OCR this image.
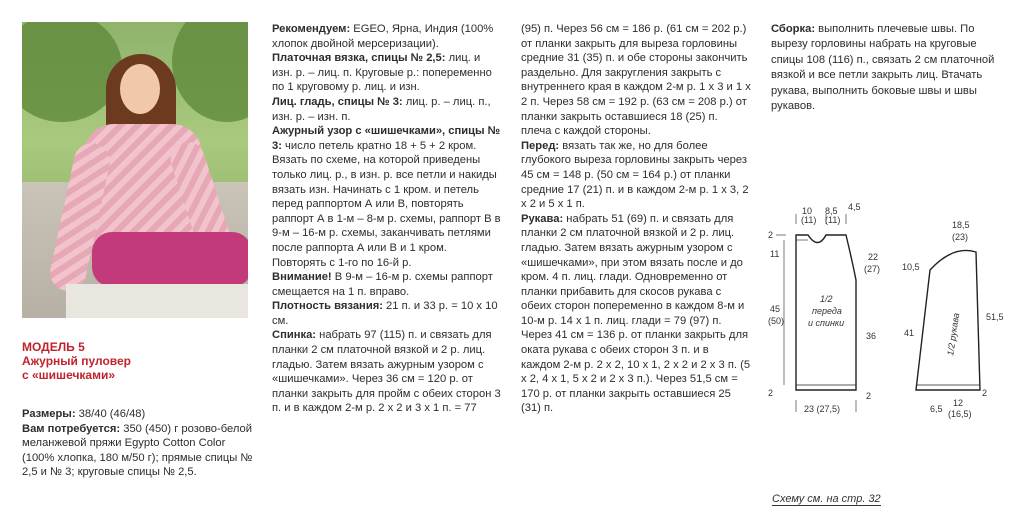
МОДЕЛЬ 5
Ажурный пуловер
с «шишечками»

Размеры: 38/40 (46/48)

Вам потребуется: 350 (450) г розово-белой меланжевой пряжи Egypto Cotton Color (100% хлопка, 180 м/50 г); прямые спицы № 2,5 и № 3; круговые спицы № 2,5.

Рекомендуем: EGEO, Ярна, Индия (100% хлопок двойной мерсеризации).

Платочная вязка, спицы № 2,5: лиц. и изн. р. – лиц. п. Круговые р.: попеременно по 1 круговому р. лиц. и изн.

Лиц. гладь, спицы № 3: лиц. р. – лиц. п., изн. р. – изн. п.

Ажурный узор с «шишечками», спицы № 3: число петель кратно 18 + 5 + 2 кром. Вязать по схеме, на которой приведены только лиц. р., в изн. р. все петли и накиды вязать изн. Начинать с 1 кром. и петель перед раппортом А или В, повторять раппорт А в 1-м – 8-м р. схемы, раппорт В в 9-м – 16-м р. схемы, заканчивать петлями после раппорта А или В и 1 кром. Повторять с 1-го по 16-й р.

Внимание! В 9-м – 16-м р. схемы раппорт смещается на 1 п. вправо.

Плотность вязания: 21 п. и 33 р. = 10 х 10 см.

Спинка: набрать 97 (115) п. и связать для планки 2 см платочной вязкой и 2 р. лиц. гладью. Затем вязать ажурным узором с «шишечками». Через 36 см = 120 р. от планки закрыть для пройм с обеих сторон 3 п. и в каждом 2-м р. 2 х 2 и 3 х 1 п. = 77

(95) п. Через 56 см = 186 р. (61 см = 202 р.) от планки закрыть для выреза горловины средние 31 (35) п. и обе стороны закончить раздельно. Для закругления закрыть с внутреннего края в каждом 2-м р. 1 х 3 и 1 х 2 п. Через 58 см = 192 р. (63 см = 208 р.) от планки закрыть оставшиеся 18 (25) п. плеча с каждой стороны.

Перед: вязать так же, но для более глубокого выреза горловины закрыть через 45 см = 148 р. (50 см = 164 р.) от планки средние 17 (21) п. и в каждом 2-м р. 1 х 3, 2 х 2 и 5 х 1 п.

Рукава: набрать 51 (69) п. и связать для планки 2 см платочной вязкой и 2 р. лиц. гладью. Затем вязать ажурным узором с «шишечками», при этом вязать после и до кром. 4 п. лиц. глади. Одновременно от планки прибавить для скосов рукава с обеих сторон попеременно в каждом 8-м и 10-м р. 14 х 1 п. лиц. глади = 79 (97) п. Через 41 см = 136 р. от планки закрыть для оката рукава с обеих сторон 3 п. и в каждом 2-м р. 2 х 2, 10 х 1, 2 х 2 и 2 х 3 п. (5 х 2, 4 х 1, 5 х 2 и 2 х 3 п.). Через 51,5 см = 170 р. от планки закрыть оставшиеся 25 (31) п.

Сборка: выполнить плечевые швы. По вырезу горловины набрать на круговые спицы 108 (116) п., связать 2 см платочной вязкой и все петли закрыть лиц. Втачать рукава, выполнить боковые швы и швы рукавов.

10
(11)
8,5
(11)
4,5
2
11
45
(50)
2
22
(27)
36
2
1/2
переда
и спинки
23 (27,5)
18,5
(23)
10,5
41
51,5
6,5
12
(16,5)
2
1/2 рукава
Схему см. на стр. 32
